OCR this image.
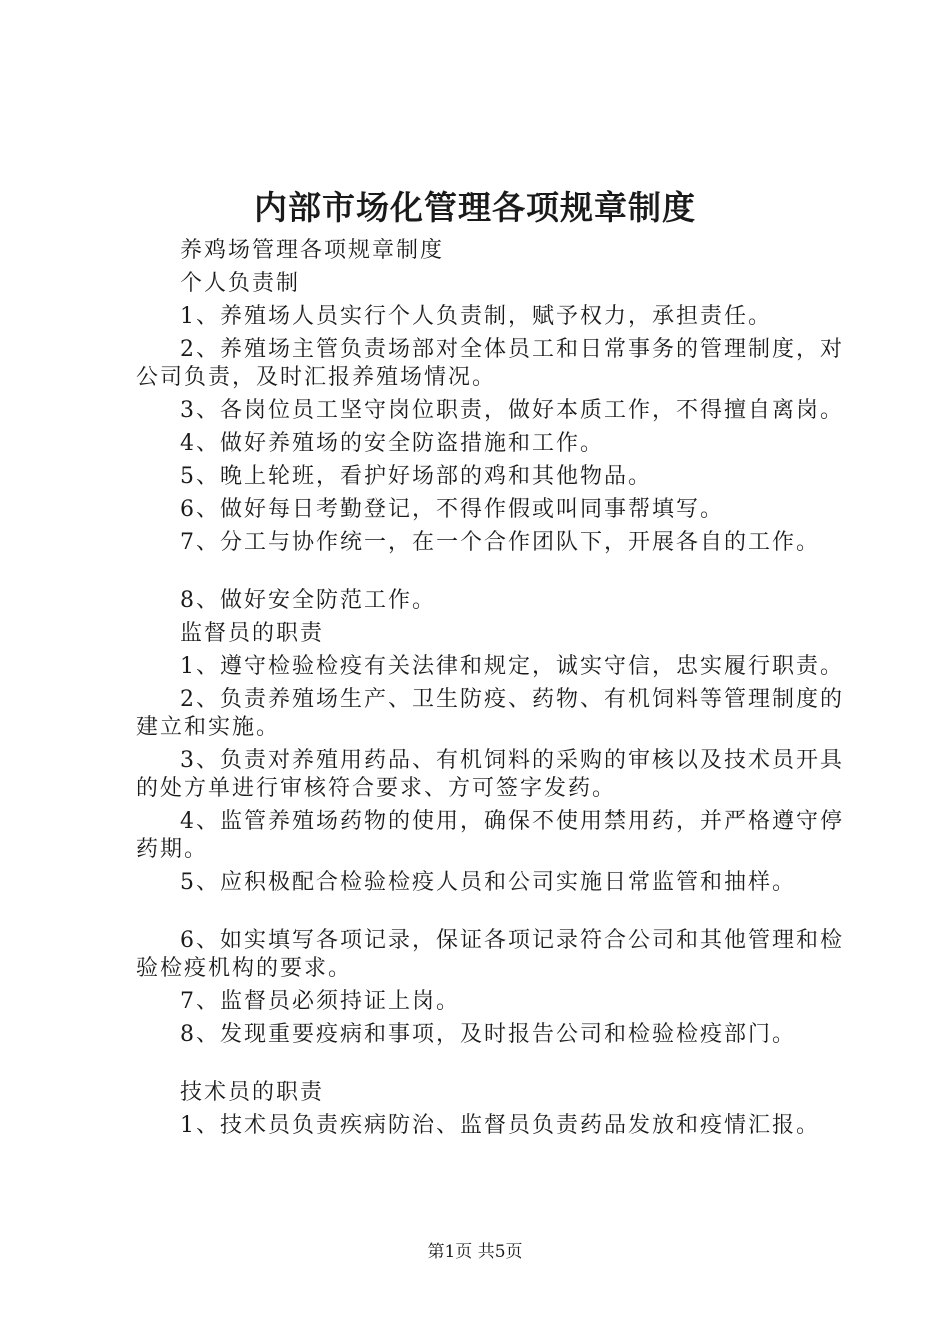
内部市场化管理各项规章制度

养鸡场管理各项规章制度

个人负责制

1、养殖场人员实行个人负责制，赋予权力，承担责任。

2、养殖场主管负责场部对全体员工和日常事务的管理制度，对公司负责，及时汇报养殖场情况。

3、各岗位员工坚守岗位职责，做好本质工作，不得擅自离岗。

4、做好养殖场的安全防盗措施和工作。

5、晚上轮班，看护好场部的鸡和其他物品。

6、做好每日考勤登记，不得作假或叫同事帮填写。

7、分工与协作统一，在一个合作团队下，开展各自的工作。

8、做好安全防范工作。

监督员的职责

1、遵守检验检疫有关法律和规定，诚实守信，忠实履行职责。

2、负责养殖场生产、卫生防疫、药物、有机饲料等管理制度的建立和实施。

3、负责对养殖用药品、有机饲料的采购的审核以及技术员开具的处方单进行审核符合要求、方可签字发药。

4、监管养殖场药物的使用，确保不使用禁用药，并严格遵守停药期。

5、应积极配合检验检疫人员和公司实施日常监管和抽样。

6、如实填写各项记录，保证各项记录符合公司和其他管理和检验检疫机构的要求。

7、监督员必须持证上岗。

8、发现重要疫病和事项，及时报告公司和检验检疫部门。

技术员的职责

1、技术员负责疾病防治、监督员负责药品发放和疫情汇报。

第1页 共5页
